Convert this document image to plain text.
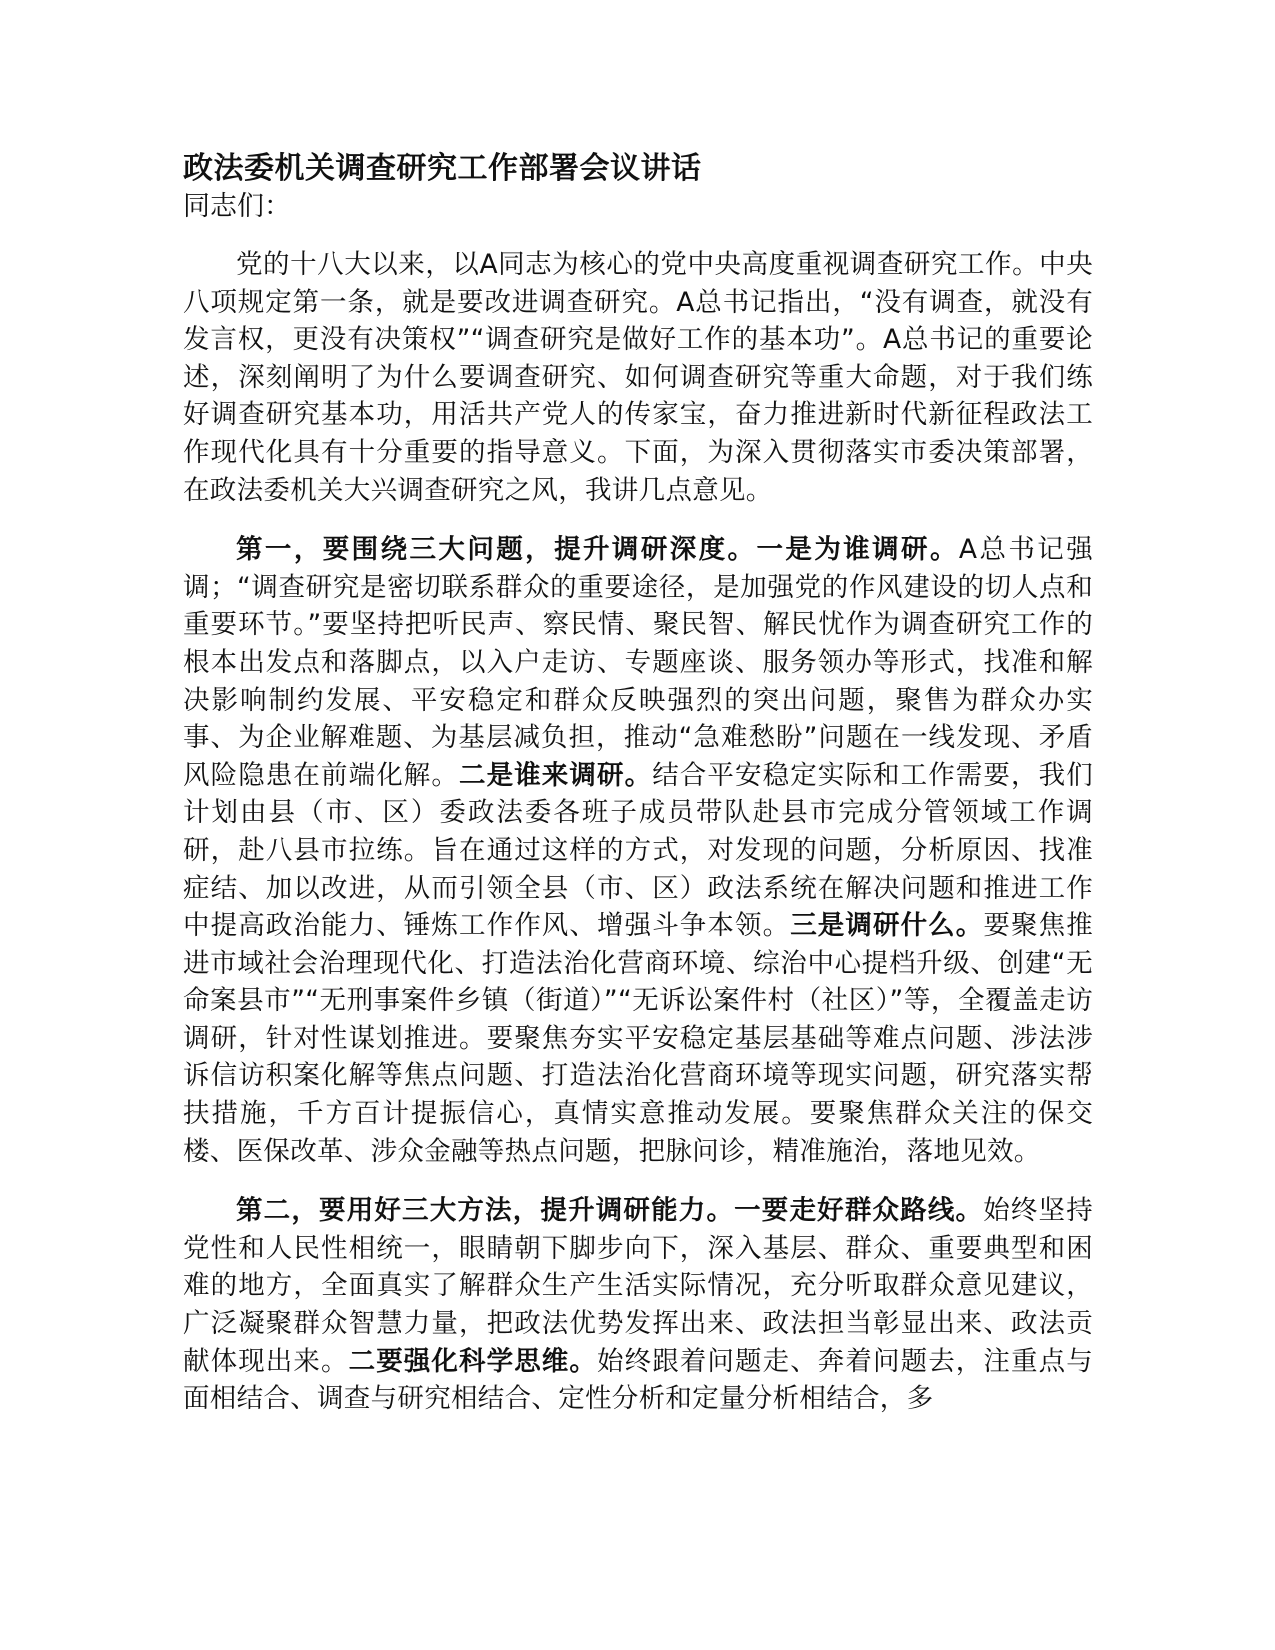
政法委机关调查研究工作部署会议讲话
同志们：

党的十八大以来，以A同志为核心的党中央高度重视调查研究工作。中央八项规定第一条，就是要改进调查研究。A总书记指出，“没有调查，就没有发言权，更没有决策权”“调查研究是做好工作的基本功”。A总书记的重要论述，深刻阐明了为什么要调查研究、如何调查研究等重大命题，对于我们练好调查研究基本功，用活共产党人的传家宝，奋力推进新时代新征程政法工作现代化具有十分重要的指导意义。下面，为深入贯彻落实市委决策部署，在政法委机关大兴调查研究之风，我讲几点意见。

第一，要围绕三大问题，提升调研深度。一是为谁调研。A总书记强调；“调查研究是密切联系群众的重要途径，是加强党的作风建设的切人点和重要环节。”要坚持把听民声、察民情、聚民智、解民忧作为调查研究工作的根本出发点和落脚点，以入户走访、专题座谈、服务领办等形式，找准和解决影响制约发展、平安稳定和群众反映强烈的突出问题，聚售为群众办实事、为企业解难题、为基层减负担，推动“急难愁盼”问题在一线发现、矛盾风险隐患在前端化解。二是谁来调研。结合平安稳定实际和工作需要，我们计划由县（市、区）委政法委各班子成员带队赴县市完成分管领域工作调研，赴八县市拉练。旨在通过这样的方式，对发现的问题，分析原因、找准症结、加以改进，从而引领全县（市、区）政法系统在解决问题和推进工作中提高政治能力、锤炼工作作风、增强斗争本领。三是调研什么。要聚焦推进市域社会治理现代化、打造法治化营商环境、综治中心提档升级、创建“无命案县市”“无刑事案件乡镇（街道）”“无诉讼案件村（社区）”等，全覆盖走访调研，针对性谋划推进。要聚焦夯实平安稳定基层基础等难点问题、涉法涉诉信访积案化解等焦点问题、打造法治化营商环境等现实问题，研究落实帮扶措施，千方百计提振信心，真情实意推动发展。要聚焦群众关注的保交楼、医保改革、涉众金融等热点问题，把脉问诊，精准施治，落地见效。

第二，要用好三大方法，提升调研能力。一要走好群众路线。始终坚持党性和人民性相统一，眼睛朝下脚步向下，深入基层、群众、重要典型和困难的地方，全面真实了解群众生产生活实际情况，充分听取群众意见建议，广泛凝聚群众智慧力量，把政法优势发挥出来、政法担当彰显出来、政法贡献体现出来。二要强化科学思维。始终跟着问题走、奔着问题去，注重点与面相结合、调查与研究相结合、定性分析和定量分析相结合，多
